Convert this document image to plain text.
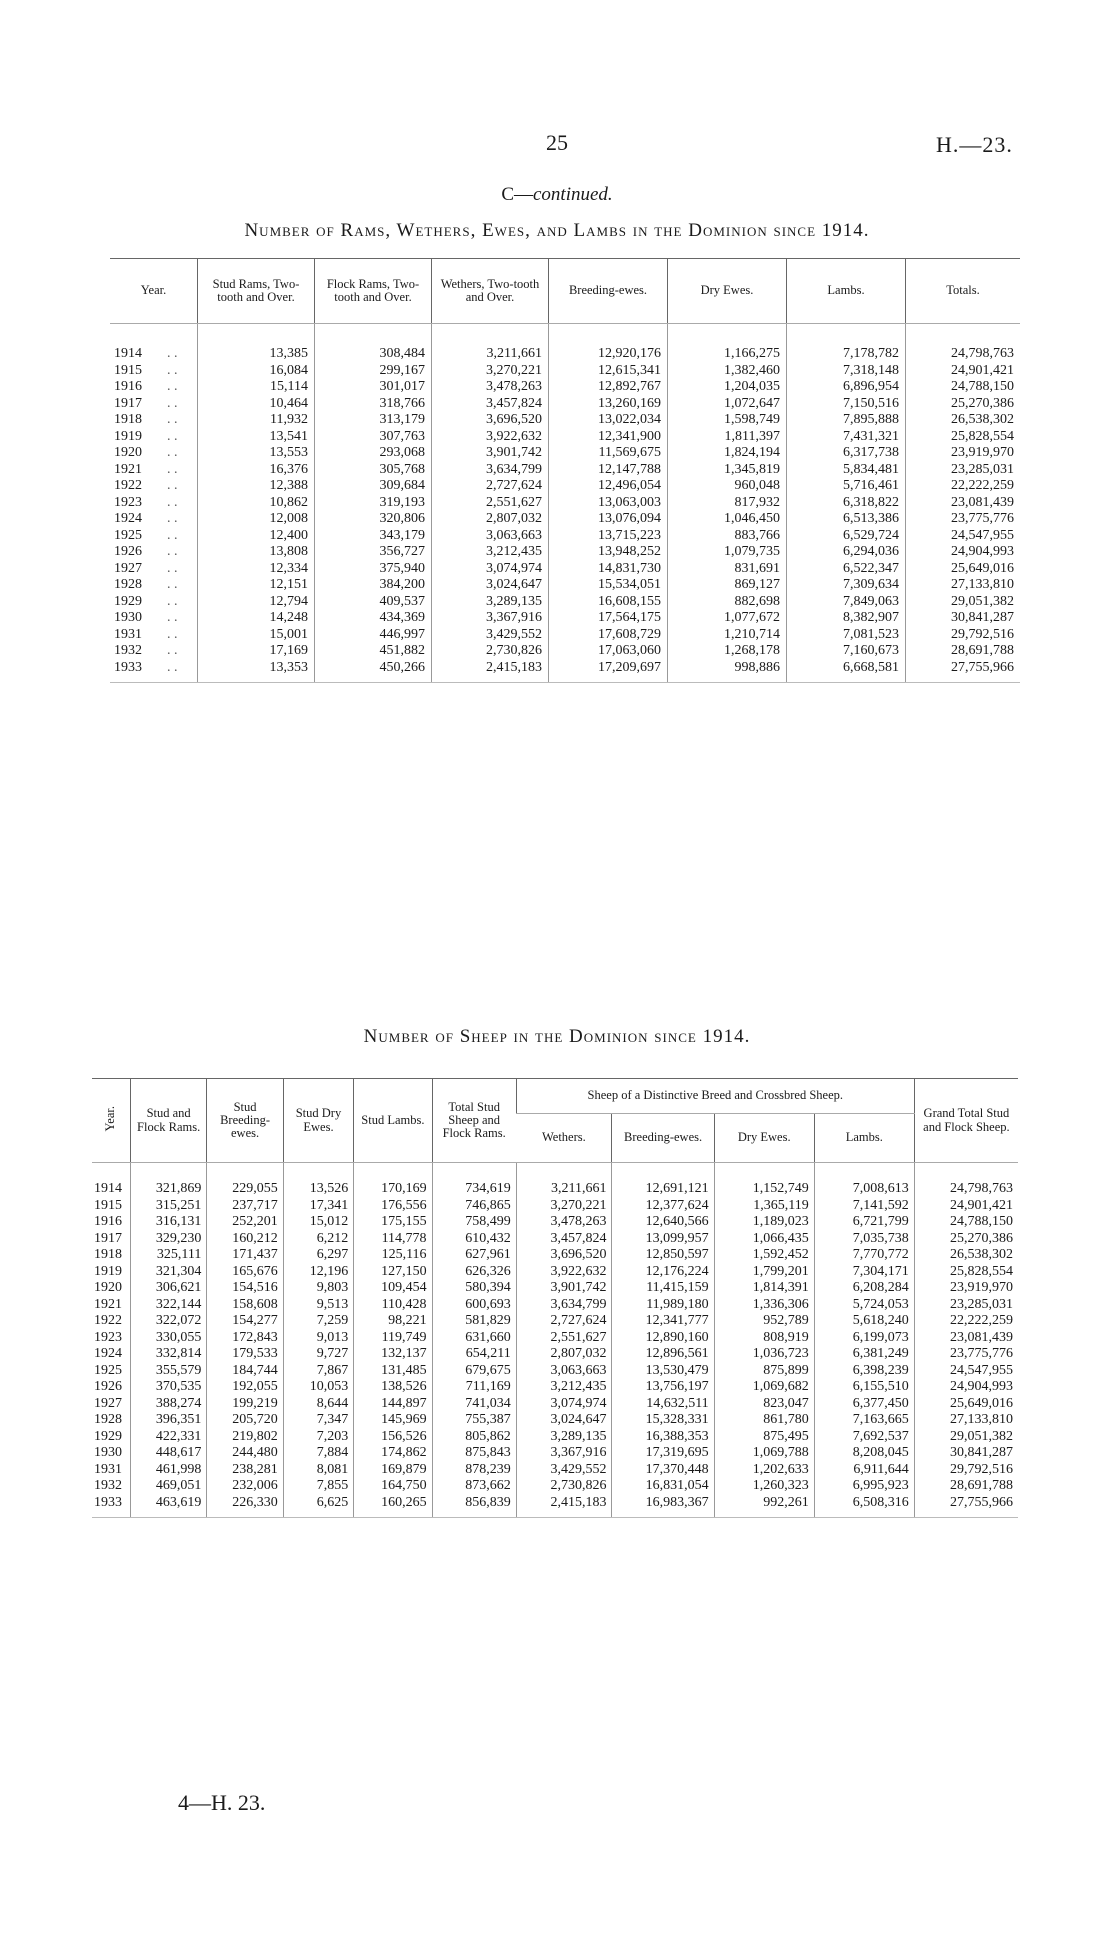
25	H.—23.
C—continued.
Number of Rams, Wethers, Ewes, and Lambs in the Dominion since 1914.
Year.		Stud Rams, Two-tooth and Over.	Flock Rams, Two-tooth and Over.	Wethers, Two-tooth and Over.	Breeding-ewes.	Dry Ewes.	Lambs.	Totals.

1914	. .	13,385	308,484	3,211,661	12,920,176	1,166,275	7,178,782	24,798,763
1915	. .	16,084	299,167	3,270,221	12,615,341	1,382,460	7,318,148	24,901,421
1916	. .	15,114	301,017	3,478,263	12,892,767	1,204,035	6,896,954	24,788,150
1917	. .	10,464	318,766	3,457,824	13,260,169	1,072,647	7,150,516	25,270,386
1918	. .	11,932	313,179	3,696,520	13,022,034	1,598,749	7,895,888	26,538,302
1919	. .	13,541	307,763	3,922,632	12,341,900	1,811,397	7,431,321	25,828,554
1920	. .	13,553	293,068	3,901,742	11,569,675	1,824,194	6,317,738	23,919,970
1921	. .	16,376	305,768	3,634,799	12,147,788	1,345,819	5,834,481	23,285,031
1922	. .	12,388	309,684	2,727,624	12,496,054	960,048	5,716,461	22,222,259
1923	. .	10,862	319,193	2,551,627	13,063,003	817,932	6,318,822	23,081,439
1924	. .	12,008	320,806	2,807,032	13,076,094	1,046,450	6,513,386	23,775,776
1925	. .	12,400	343,179	3,063,663	13,715,223	883,766	6,529,724	24,547,955
1926	. .	13,808	356,727	3,212,435	13,948,252	1,079,735	6,294,036	24,904,993
1927	. .	12,334	375,940	3,074,974	14,831,730	831,691	6,522,347	25,649,016
1928	. .	12,151	384,200	3,024,647	15,534,051	869,127	7,309,634	27,133,810
1929	. .	12,794	409,537	3,289,135	16,608,155	882,698	7,849,063	29,051,382
1930	. .	14,248	434,369	3,367,916	17,564,175	1,077,672	8,382,907	30,841,287
1931	. .	15,001	446,997	3,429,552	17,608,729	1,210,714	7,081,523	29,792,516
1932	. .	17,169	451,882	2,730,826	17,063,060	1,268,178	7,160,673	28,691,788
1933	. .	13,353	450,266	2,415,183	17,209,697	998,886	6,668,581	27,755,966
Number of Sheep in the Dominion since 1914.
Year.	Stud and Flock Rams.	Stud Breeding-ewes.	Stud Dry Ewes.	Stud Lambs.	Total Stud Sheep and Flock Rams.	Sheep of a Distinctive Breed and Crossbred Sheep.				Grand Total Stud and Flock Sheep.
						Wethers.	Breeding-ewes.	Dry Ewes.	Lambs.	

1914	321,869	229,055	13,526	170,169	734,619	3,211,661	12,691,121	1,152,749	7,008,613	24,798,763
1915	315,251	237,717	17,341	176,556	746,865	3,270,221	12,377,624	1,365,119	7,141,592	24,901,421
1916	316,131	252,201	15,012	175,155	758,499	3,478,263	12,640,566	1,189,023	6,721,799	24,788,150
1917	329,230	160,212	6,212	114,778	610,432	3,457,824	13,099,957	1,066,435	7,035,738	25,270,386
1918	325,111	171,437	6,297	125,116	627,961	3,696,520	12,850,597	1,592,452	7,770,772	26,538,302
1919	321,304	165,676	12,196	127,150	626,326	3,922,632	12,176,224	1,799,201	7,304,171	25,828,554
1920	306,621	154,516	9,803	109,454	580,394	3,901,742	11,415,159	1,814,391	6,208,284	23,919,970
1921	322,144	158,608	9,513	110,428	600,693	3,634,799	11,989,180	1,336,306	5,724,053	23,285,031
1922	322,072	154,277	7,259	98,221	581,829	2,727,624	12,341,777	952,789	5,618,240	22,222,259
1923	330,055	172,843	9,013	119,749	631,660	2,551,627	12,890,160	808,919	6,199,073	23,081,439
1924	332,814	179,533	9,727	132,137	654,211	2,807,032	12,896,561	1,036,723	6,381,249	23,775,776
1925	355,579	184,744	7,867	131,485	679,675	3,063,663	13,530,479	875,899	6,398,239	24,547,955
1926	370,535	192,055	10,053	138,526	711,169	3,212,435	13,756,197	1,069,682	6,155,510	24,904,993
1927	388,274	199,219	8,644	144,897	741,034	3,074,974	14,632,511	823,047	6,377,450	25,649,016
1928	396,351	205,720	7,347	145,969	755,387	3,024,647	15,328,331	861,780	7,163,665	27,133,810
1929	422,331	219,802	7,203	156,526	805,862	3,289,135	16,388,353	875,495	7,692,537	29,051,382
1930	448,617	244,480	7,884	174,862	875,843	3,367,916	17,319,695	1,069,788	8,208,045	30,841,287
1931	461,998	238,281	8,081	169,879	878,239	3,429,552	17,370,448	1,202,633	6,911,644	29,792,516
1932	469,051	232,006	7,855	164,750	873,662	2,730,826	16,831,054	1,260,323	6,995,923	28,691,788
1933	463,619	226,330	6,625	160,265	856,839	2,415,183	16,983,367	992,261	6,508,316	27,755,966
4—H. 23.
